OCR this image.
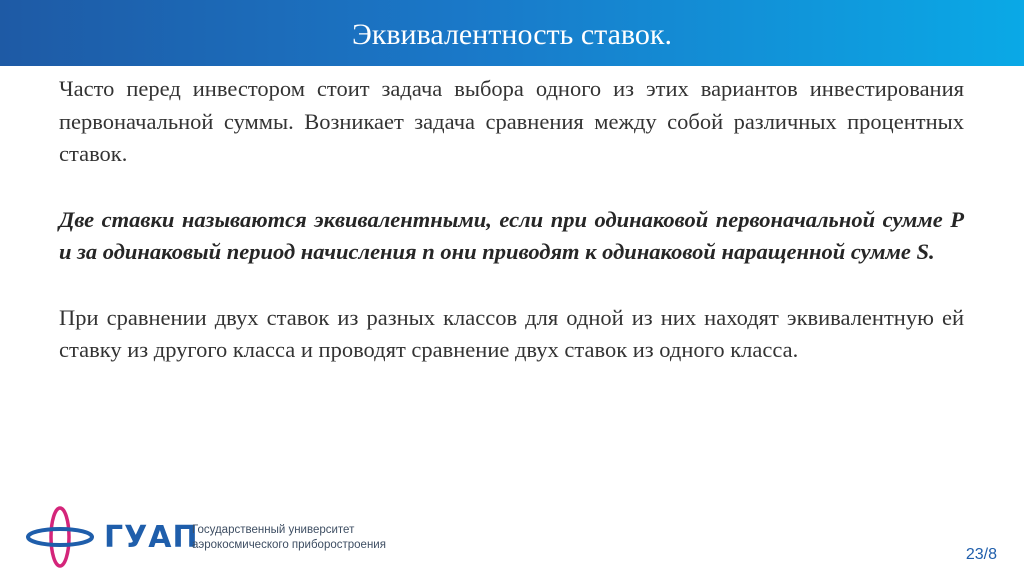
Эквивалентность ставок.

Часто перед инвестором стоит задача выбора одного из этих вариантов инвестирования первоначальной суммы. Возникает задача сравнения между собой различных процентных ставок.

Две ставки называются эквивалентными, если при одинаковой первоначальной сумме P и за одинаковый период начисления n они приводят к одинаковой наращенной сумме S.

При сравнении двух ставок из разных классов для одной из них находят эквивалентную ей ставку из другого класса и проводят сравнение двух ставок из одного класса.

ГУАП
Государственный университет
аэрокосмического приборостроения
23/8
